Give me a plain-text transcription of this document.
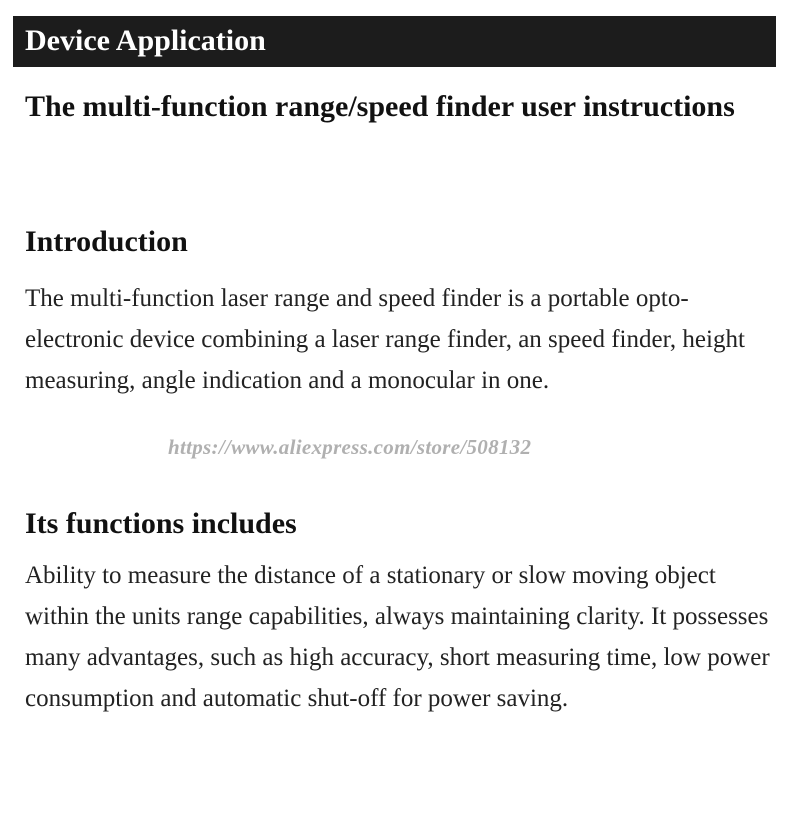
Device Application
The multi-function range/speed finder user instructions
Introduction
The multi-function laser range and speed finder is a portable opto-electronic device combining a laser range finder, an speed finder, height measuring, angle indication and a monocular in one.
https://www.aliexpress.com/store/508132
Its functions includes
Ability to measure the distance of a stationary or slow moving object within the units range capabilities, always maintaining clarity. It possesses many advantages, such as high accuracy, short measuring time, low power consumption and automatic shut-off for power saving.
